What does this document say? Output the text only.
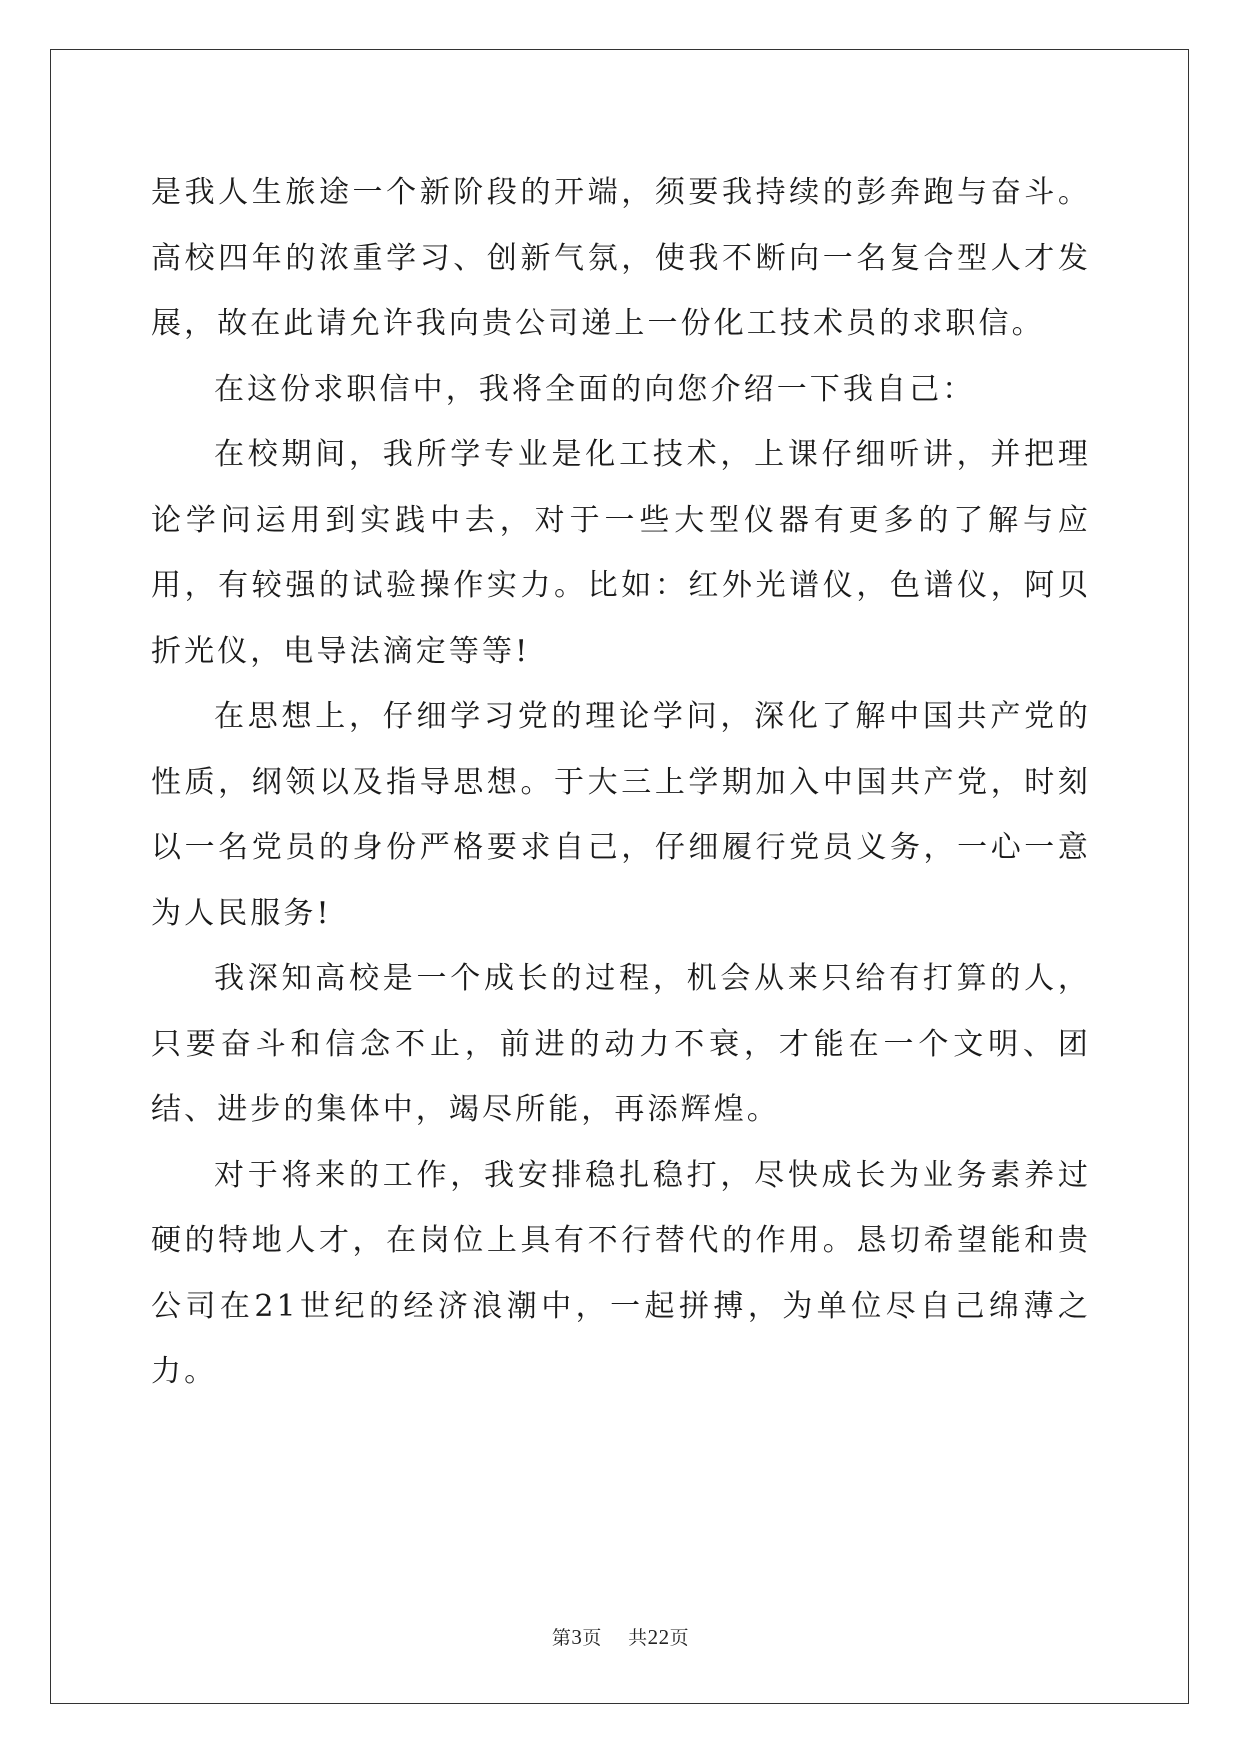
是我人生旅途一个新阶段的开端，须要我持续的彭奔跑与奋斗。高校四年的浓重学习、创新气氛，使我不断向一名复合型人才发展，故在此请允许我向贵公司递上一份化工技术员的求职信。

在这份求职信中，我将全面的向您介绍一下我自己：

在校期间，我所学专业是化工技术，上课仔细听讲，并把理论学问运用到实践中去，对于一些大型仪器有更多的了解与应用，有较强的试验操作实力。比如：红外光谱仪，色谱仪，阿贝折光仪，电导法滴定等等!

在思想上，仔细学习党的理论学问，深化了解中国共产党的性质，纲领以及指导思想。于大三上学期加入中国共产党，时刻以一名党员的身份严格要求自己，仔细履行党员义务，一心一意为人民服务!

我深知高校是一个成长的过程，机会从来只给有打算的人，只要奋斗和信念不止，前进的动力不衰，才能在一个文明、团结、进步的集体中，竭尽所能，再添辉煌。

对于将来的工作，我安排稳扎稳打，尽快成长为业务素养过硬的特地人才，在岗位上具有不行替代的作用。恳切希望能和贵公司在21世纪的经济浪潮中，一起拼搏，为单位尽自己绵薄之力。

第3页 共22页
